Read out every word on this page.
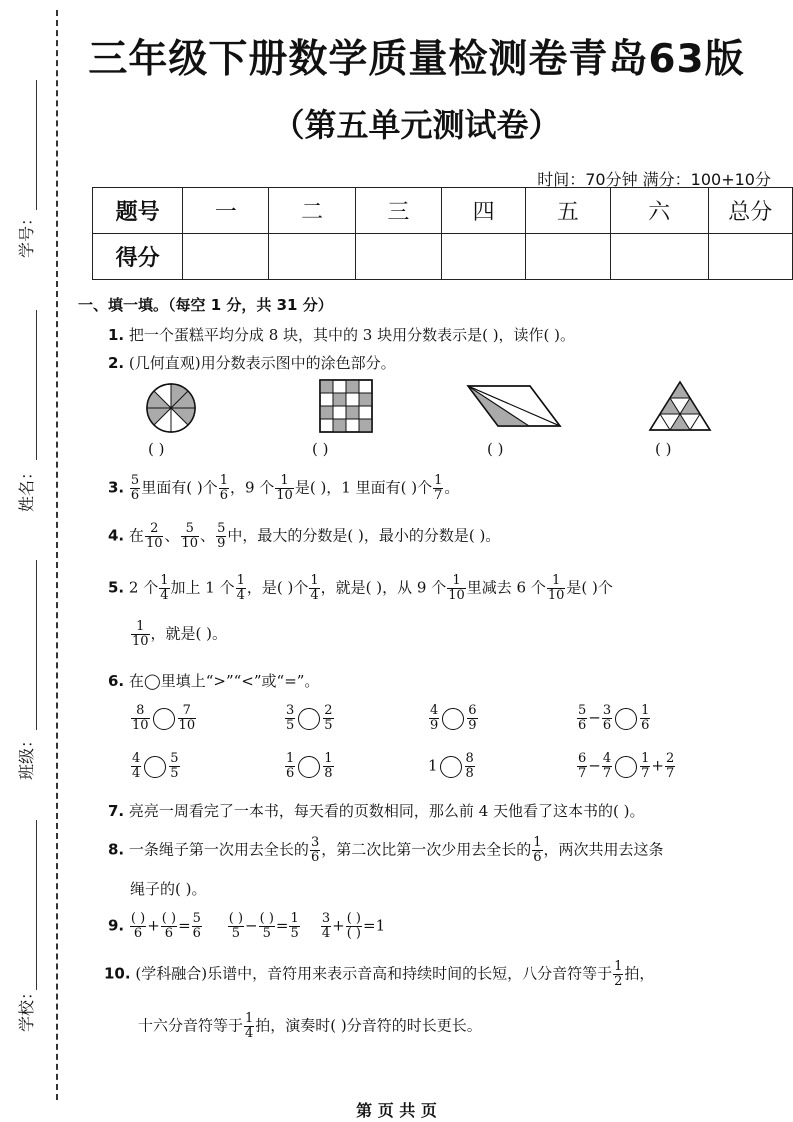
学号：
姓名：
班级：
学校：
三年级下册数学质量检测卷青岛63版
（第五单元测试卷）
时间：70分钟 满分：100+10分
题号	一	二	三	四	五	六	总分
得分							
一、填一填。（每空 1 分，共 31 分）
1. 把一个蛋糕平均分成 8 块，其中的 3 块用分数表示是( )，读作( )。
2. (几何直观)用分数表示图中的涂色部分。
( )	( )	( )	( )
3. $\frac{5}{6}$ 里面有( )个 $\frac{1}{6}$ ，9 个 $\frac{1}{10}$ 是( )，1 里面有( )个 $\frac{1}{7}$ 。
4. 在 $\frac{2}{10}$ 、 $\frac{5}{10}$ 、 $\frac{5}{9}$ 中，最大的分数是( )，最小的分数是( )。
5. 2 个 $\frac{1}{4}$ 加上 1 个 $\frac{1}{4}$ ，是( )个 $\frac{1}{4}$ ，就是( )，从 9 个 $\frac{1}{10}$ 里减去 6 个 $\frac{1}{10}$ 是( )个
$\frac{1}{10}$ ，就是( )。
6. 在◯里填上“>”“<”或“=”。
$\frac{8}{10} \frac{7}{10}$	$\frac{3}{5} \frac{2}{5}$	$\frac{4}{9} \frac{6}{9}$	$\frac{5}{6} - \frac{3}{6} \frac{1}{6}$
$\frac{4}{4} \frac{5}{5}$	$\frac{1}{6} \frac{1}{8}$	$1 \frac{8}{8}$	$\frac{6}{7} - \frac{4}{7} \frac{1}{7} + \frac{2}{7}$
7. 亮亮一周看完了一本书，每天看的页数相同，那么前 4 天他看了这本书的( )。
8. 一条绳子第一次用去全长的 $\frac{3}{6}$ ，第二次比第一次少用去全长的 $\frac{1}{6}$ ，两次共用去这条
绳子的( )。
9. $\frac{( )}{6} + \frac{( )}{6} = \frac{5}{6}$
$\frac{( )}{5} - \frac{( )}{5} = \frac{1}{5}$
$\frac{3}{4} + \frac{( )}{( )} =1$
10. (学科融合)乐谱中，音符用来表示音高和持续时间的长短，八分音符等于 $\frac{1}{2}$ 拍，
十六分音符等于 $\frac{1}{4}$ 拍，演奏时( )分音符的时长更长。
第 页 共 页
